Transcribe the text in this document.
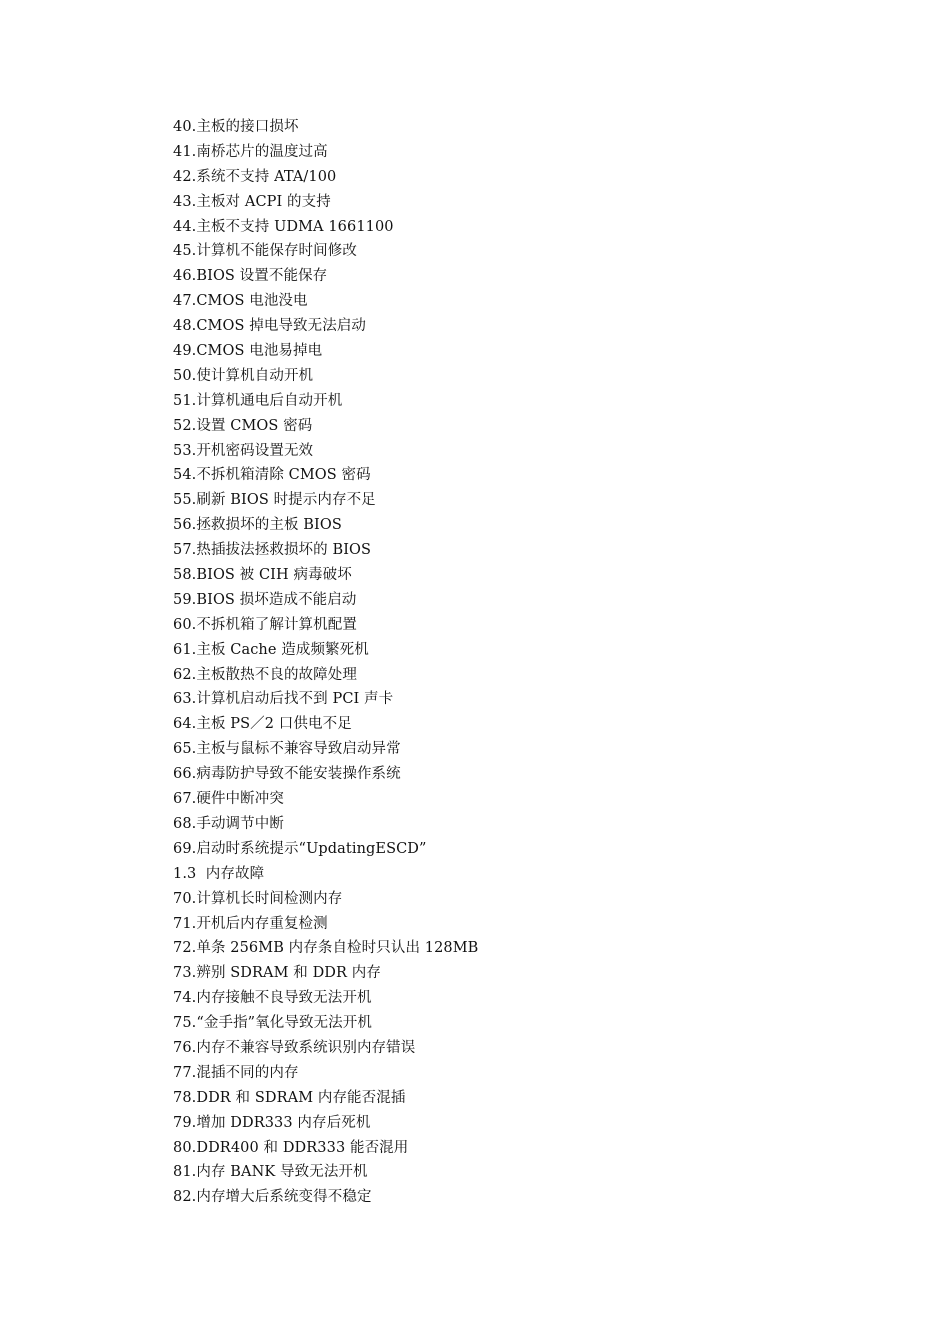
40.主板的接口损坏
41.南桥芯片的温度过高
42.系统不支持 ATA/100
43.主板对 ACPI 的支持
44.主板不支持 UDMA 1661100
45.计算机不能保存时间修改
46.BIOS 设置不能保存
47.CMOS 电池没电
48.CMOS 掉电导致无法启动
49.CMOS 电池易掉电
50.使计算机自动开机
51.计算机通电后自动开机
52.设置 CMOS 密码
53.开机密码设置无效
54.不拆机箱清除 CMOS 密码
55.刷新 BIOS 时提示内存不足
56.拯救损坏的主板 BIOS
57.热插拔法拯救损坏的 BIOS
58.BIOS 被 CIH 病毒破坏
59.BIOS 损坏造成不能启动
60.不拆机箱了解计算机配置
61.主板 Cache 造成频繁死机
62.主板散热不良的故障处理
63.计算机启动后找不到 PCI 声卡
64.主板 PS／2 口供电不足
65.主板与鼠标不兼容导致启动异常
66.病毒防护导致不能安装操作系统
67.硬件中断冲突
68.手动调节中断
69.启动时系统提示“UpdatingESCD”
1.3  内存故障
70.计算机长时间检测内存
71.开机后内存重复检测
72.单条 256MB 内存条自检时只认出 128MB
73.辨别 SDRAM 和 DDR 内存
74.内存接触不良导致无法开机
75.“金手指”氧化导致无法开机
76.内存不兼容导致系统识别内存错误
77.混插不同的内存
78.DDR 和 SDRAM 内存能否混插
79.增加 DDR333 内存后死机
80.DDR400 和 DDR333 能否混用
81.内存 BANK 导致无法开机
82.内存增大后系统变得不稳定
